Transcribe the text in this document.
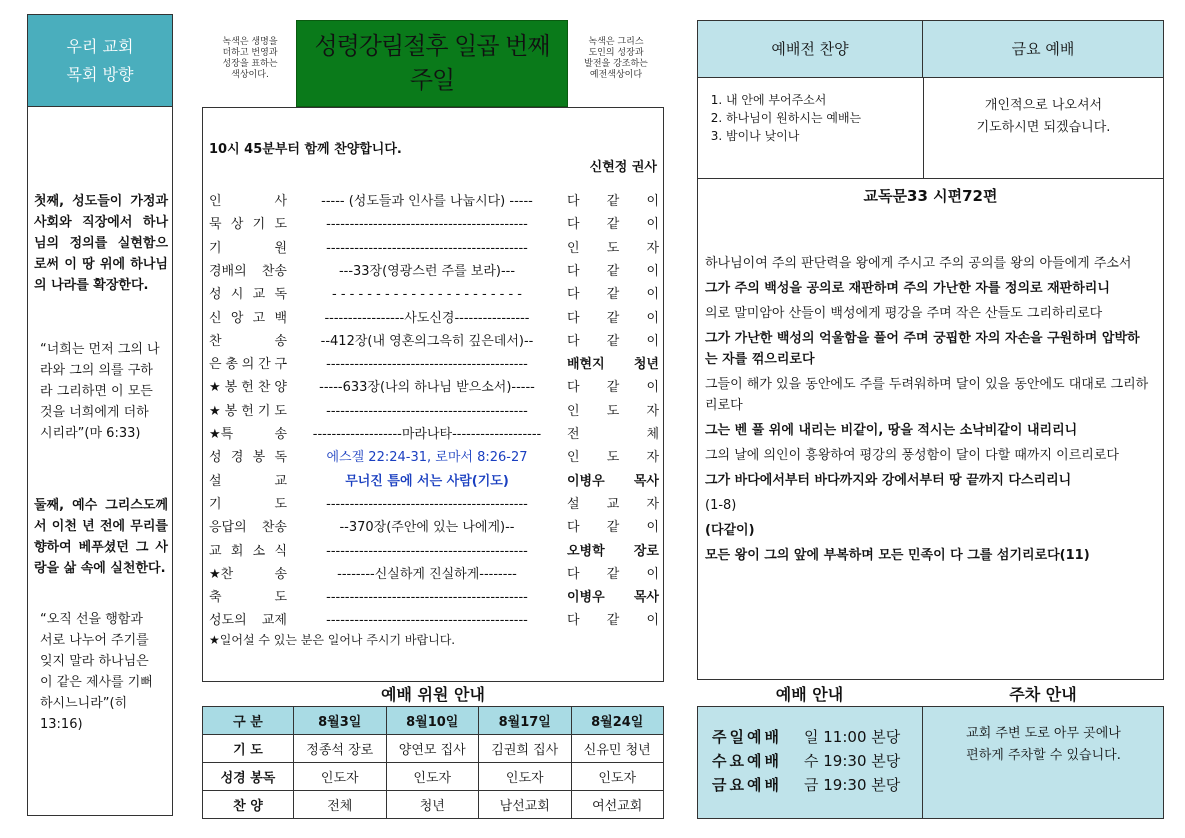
우리 교회
목회 방향
첫째, 성도들이 가정과 사회와 직장에서 하나님의 정의를 실현함으로써 이 땅 위에 하나님의 나라를 확장한다.
“너희는 먼저 그의 나라와 그의 의를 구하라 그리하면 이 모든 것을 너희에게 더하시리라”(마 6:33)
둘째, 예수 그리스도께서 이천 년 전에 무리를 향하여 베푸셨던 그 사랑을 삶 속에 실천한다.
“오직 선을 행함과 서로 나누어 주기를 잊지 말라 하나님은 이 같은 제사를 기뻐하시느니라”(히 13:16)
녹색은 생명을
더하고 번영과
성장을 표하는
색상이다.
성령강림절후 일곱 번째
주일
녹색은 그리스
도인의 성장과
발전을 강조하는
예전색상이다
10시 45분부터 함께 찬양합니다.
신현정 권사
★일어설 수 있는 분은 일어나 주시기 바랍니다.
인	사	----- (성도들과 인사를 나눕시다) -----	다 같 이
묵 상 기 도	-------------------------------------------	다 같 이
기	원	-------------------------------------------	인 도 자
경배의 찬송	---33장(영광스런 주를 보라)---	다 같 이
성 시 교 독	- - - - - - - - - - - - - - - - - - - - - -	다 같 이
신 앙 고 백	-----------------사도신경----------------	다 같 이
찬	송	--412장(내 영혼의그윽히 깊은데서)--	다 같 이
은 총 의 간 구	-------------------------------------------	배현지 청년
★ 봉 헌 찬 양	-----633장(나의 하나님 받으소서)-----	다 같 이
★ 봉 헌 기 도	-------------------------------------------	인 도 자
★특	송	-------------------마라나타-------------------	전	체
성 경 봉 독	에스겔 22:24-31, 로마서 8:26-27	인 도 자
설	교	무너진 틈에 서는 사람(기도)	이병우 목사
기	도	-------------------------------------------	설 교 자
응답의 찬송	--370장(주안에 있는 나에게)--	다 같 이
교 회 소 식	-------------------------------------------	오병학 장로
★찬	송	--------신실하게 진실하게--------	다 같 이
축	도	-------------------------------------------	이병우 목사
성도의 교제	-------------------------------------------	다 같 이
예배전 찬양	금요 예배
1. 내 안에 부어주소서
2. 하나님이 원하시는 예배는
3. 밤이나 낮이나
개인적으로 나오셔서
기도하시면 되겠습니다.
교독문33 시편72편
하나님이여 주의 판단력을 왕에게 주시고 주의 공의를 왕의 아들에게 주소서
그가 주의 백성을 공의로 재판하며 주의 가난한 자를 정의로 재판하리니
의로 말미암아 산들이 백성에게 평강을 주며 작은 산들도 그리하리로다
그가 가난한 백성의 억울함을 풀어 주며 궁핍한 자의 자손을 구원하며 압박하는 자를 꺾으리로다
그들이 해가 있을 동안에도 주를 두려워하며 달이 있을 동안에도 대대로 그리하리로다
그는 벤 풀 위에 내리는 비같이, 땅을 적시는 소낙비같이 내리리니
그의 날에 의인이 흥왕하여 평강의 풍성함이 달이 다할 때까지 이르리로다
그가 바다에서부터 바다까지와 강에서부터 땅 끝까지 다스리리니
(1-8)
(다같이)
모든 왕이 그의 앞에 부복하며 모든 민족이 다 그를 섬기리로다(11)
예배 위원 안내
구 분	8월3일	8월10일	8월17일	8월24일
기 도	정종석 장로	양연모 집사	김권희 집사	신유민 청년
성경 봉독	인도자	인도자	인도자	인도자
찬 양	전체	청년	남선교회	여선교회
예배 안내	주차 안내
주일예배	일 11:00 본당
수요예배	수 19:30 본당
금요예배	금 19:30 본당
교회 주변 도로 아무 곳에나
편하게 주차할 수 있습니다.
